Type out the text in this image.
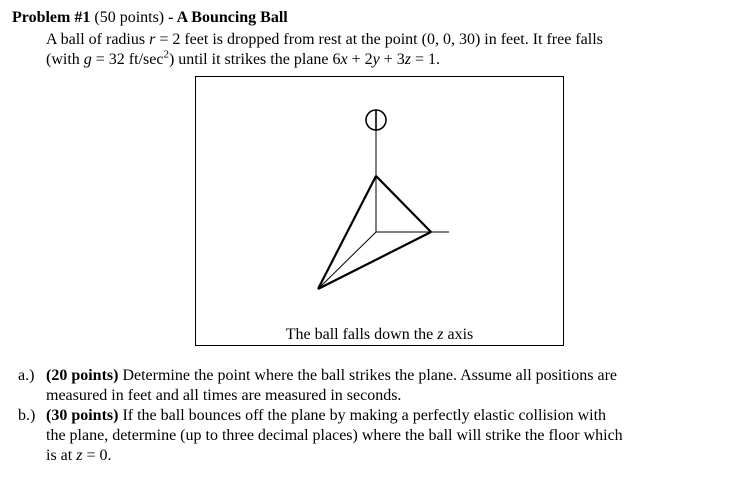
Problem #1 (50 points) - A Bouncing Ball
A ball of radius r = 2 feet is dropped from rest at the point (0, 0, 30) in feet. It free falls
(with g = 32 $ft/\sec^2$) until it strikes the plane 6x + 2y + 3z = 1.
The ball falls down the z axis
a.) (20 points) Determine the point where the ball strikes the plane. Assume all positions are
measured in feet and all times are measured in seconds.
b.) (30 points) If the ball bounces off the plane by making a perfectly elastic collision with
the plane, determine (up to three decimal places) where the ball will strike the floor which
is at z = 0.
